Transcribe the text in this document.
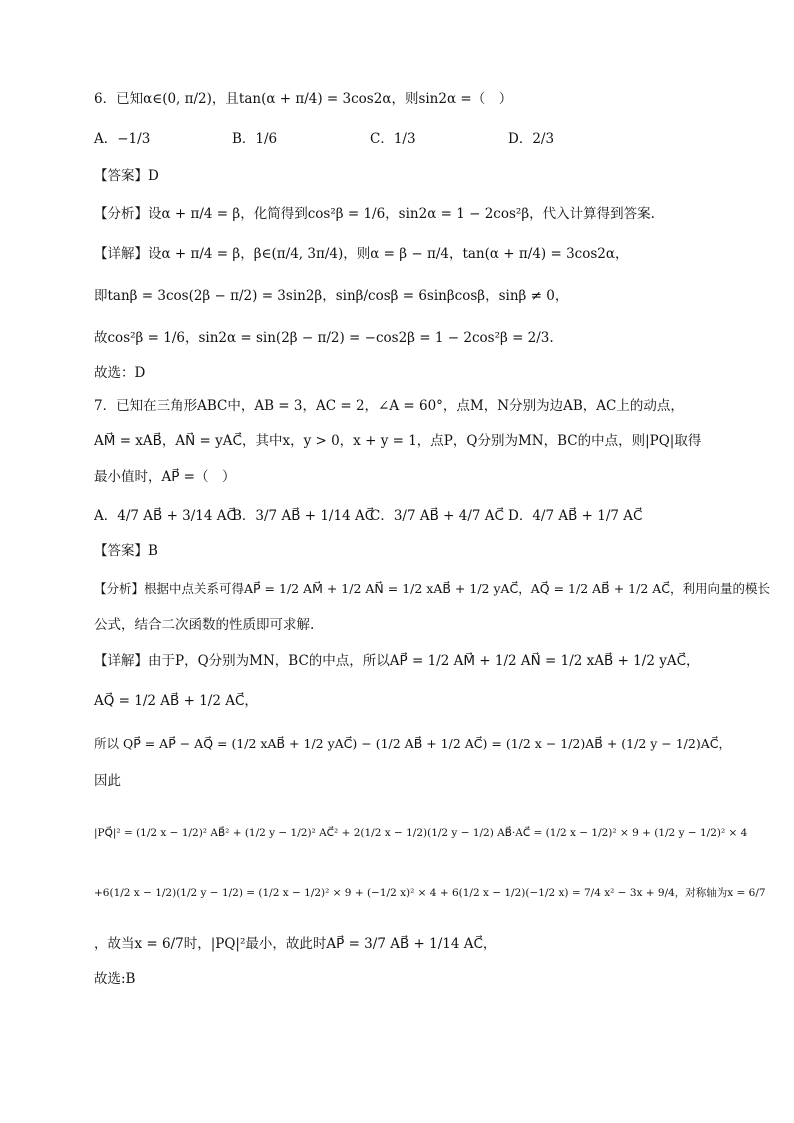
6．已知α∈(0, π/2)，且tan(α + π/4) = 3cos2α，则sin2α =（　）
A．−1/3	B．1/6	C．1/3	D．2/3
【答案】D
【分析】设α + π/4 = β，化简得到cos²β = 1/6，sin2α = 1 − 2cos²β，代入计算得到答案.
【详解】设α + π/4 = β，β∈(π/4, 3π/4)，则α = β − π/4，tan(α + π/4) = 3cos2α，
即tanβ = 3cos(2β − π/2) = 3sin2β，sinβ/cosβ = 6sinβcosβ，sinβ ≠ 0，
故cos²β = 1/6，sin2α = sin(2β − π/2) = −cos2β = 1 − 2cos²β = 2/3.
故选：D
7．已知在三角形ABC中，AB = 3，AC = 2，∠A = 60°，点M，N分别为边AB，AC上的动点，
AM⃗ = xAB⃗，AN⃗ = yAC⃗，其中x，y > 0，x + y = 1，点P，Q分别为MN，BC的中点，则|PQ|取得
最小值时，AP⃗ =（　）
A．4/7 AB⃗ + 3/14 AC⃗
B．3/7 AB⃗ + 1/14 AC⃗
C．3/7 AB⃗ + 4/7 AC⃗ D．4/7 AB⃗ + 1/7 AC⃗
【答案】B
【分析】根据中点关系可得AP⃗ = 1/2 AM⃗ + 1/2 AN⃗ = 1/2 xAB⃗ + 1/2 yAC⃗，AQ⃗ = 1/2 AB⃗ + 1/2 AC⃗，利用向量的模长
公式，结合二次函数的性质即可求解.
【详解】由于P，Q分别为MN，BC的中点，所以AP⃗ = 1/2 AM⃗ + 1/2 AN⃗ = 1/2 xAB⃗ + 1/2 yAC⃗，
AQ⃗ = 1/2 AB⃗ + 1/2 AC⃗，
所以 QP⃗ = AP⃗ − AQ⃗ = (1/2 xAB⃗ + 1/2 yAC⃗) − (1/2 AB⃗ + 1/2 AC⃗) = (1/2 x − 1/2)AB⃗ + (1/2 y − 1/2)AC⃗，
因此
|PQ⃗|² = (1/2 x − 1/2)² AB⃗² + (1/2 y − 1/2)² AC⃗² + 2(1/2 x − 1/2)(1/2 y − 1/2) AB⃗·AC⃗ = (1/2 x − 1/2)² × 9 + (1/2 y − 1/2)² × 4
+6(1/2 x − 1/2)(1/2 y − 1/2) = (1/2 x − 1/2)² × 9 + (−1/2 x)² × 4 + 6(1/2 x − 1/2)(−1/2 x) = 7/4 x² − 3x + 9/4，对称轴为x = 6/7
，故当x = 6/7时，|PQ|²最小，故此时AP⃗ = 3/7 AB⃗ + 1/14 AC⃗，
故选:B
